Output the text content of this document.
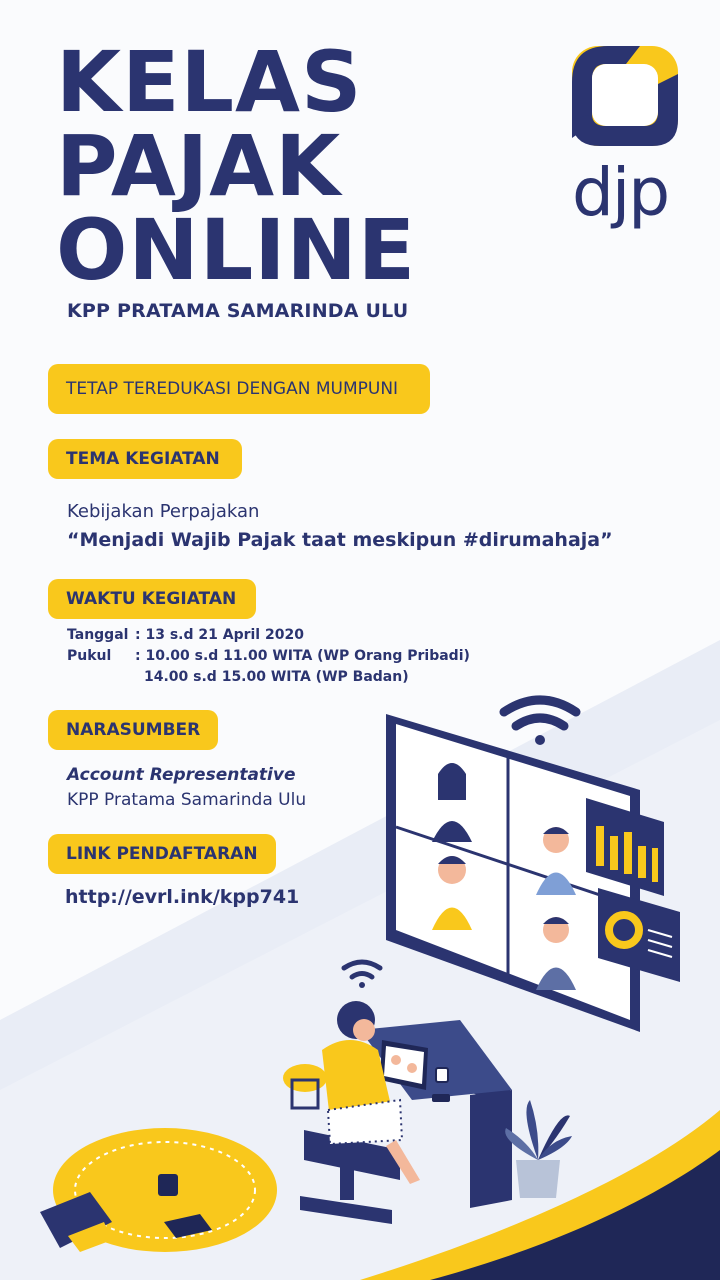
KELAS
PAJAK
ONLINE
KPP PRATAMA SAMARINDA ULU
djp
TETAP TEREDUKASI DENGAN MUMPUNI
TEMA KEGIATAN
Kebijakan Perpajakan
“Menjadi Wajib Pajak taat meskipun #dirumahaja”
WAKTU KEGIATAN
Tanggal : 13 s.d 21 April 2020
Pukul	: 10.00 s.d 11.00 WITA (WP Orang Pribadi)
14.00 s.d 15.00 WITA (WP Badan)
NARASUMBER
Account Representative
KPP Pratama Samarinda Ulu
LINK PENDAFTARAN
http://evrl.ink/kpp741
